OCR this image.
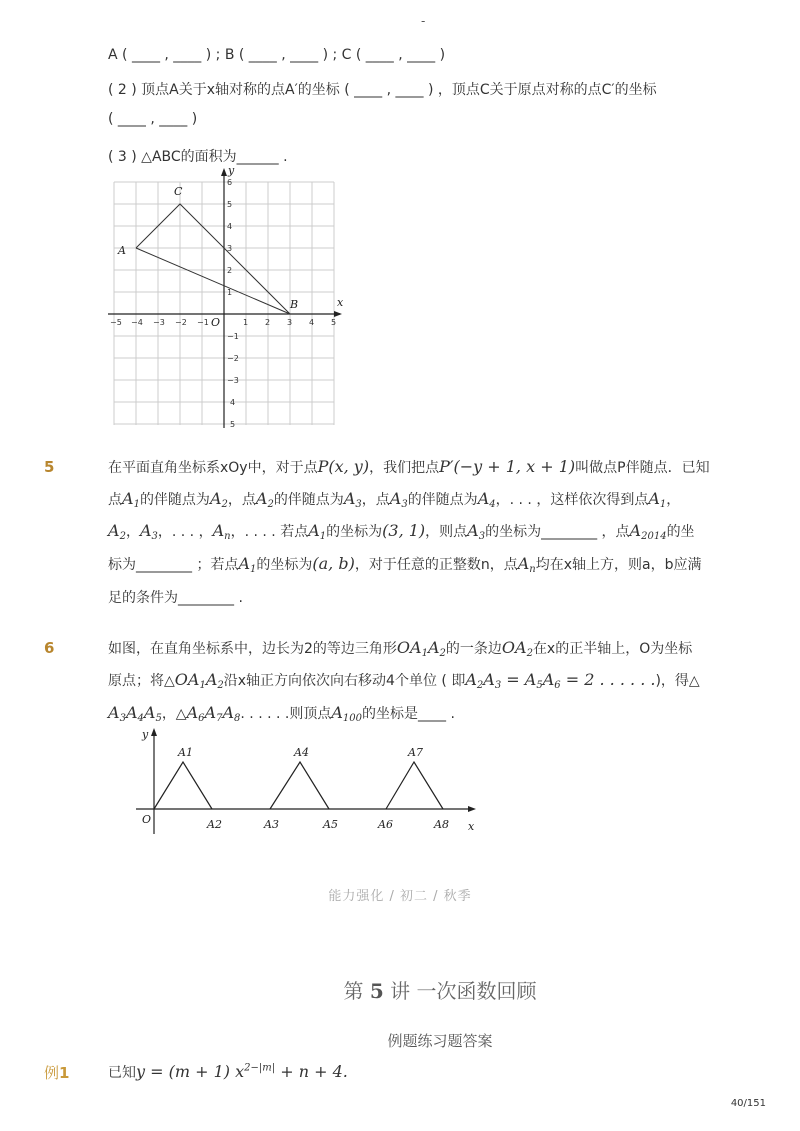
-
A ( ____ , ____ ) ; B ( ____ , ____ ) ; C ( ____ , ____ )
( 2 ) 顶点A关于x轴对称的点A′的坐标 ( ____ , ____ ) ，顶点C关于原点对称的点C′的坐标
( ____ , ____ )
( 3 ) △ABC的面积为______ .
x
y
O
A
B
C
−5 −4 −3 −2 −1	1 2 3 4 5
1
2
3
4
5
6
−1
−2
−3
4
5
5	在平面直角坐标系xOy中，对于点P(x, y)，我们把点P′(−y + 1, x + 1)叫做点P伴随点．已知
点$A_1$的伴随点为$A_2$，点$A_2$的伴随点为$A_3$，点$A_3$的伴随点为$A_4$，. . . ，这样依次得到点$A_1$，
$A_2$，$A_3$，. . . ，$A_n$，. . . . 若点$A_1$的坐标为(3, 1)，则点$A_3$的坐标为________ ，点$A_{2014}$的坐
标为________ ；若点$A_1$的坐标为(a, b)，对于任意的正整数n，点$A_n$均在x轴上方，则a，b应满
足的条件为________ .
6	如图，在直角坐标系中，边长为2的等边三角形$OA_1A_2$的一条边$OA_2$在x的正半轴上，O为坐标
原点；将$\triangle OA_1A_2$沿x轴正方向依次向右移动4个单位 ( 即$A_2A_3 = A_5A_6 = 2$ . . . . . .)，得△
$A_3A_4A_5$，$\triangle A_6A_7A_8$. . . . . .则顶点$A_{100}$的坐标是____ .
y
x
O
A1
A2	A3
A4
A5	A6
A7
A8
能力强化 / 初二 / 秋季
第 5 讲 一次函数回顾
例题练习题答案
例1	已知y = (m + 1) $x^{2-|m|} + n + 4$.
40/151
